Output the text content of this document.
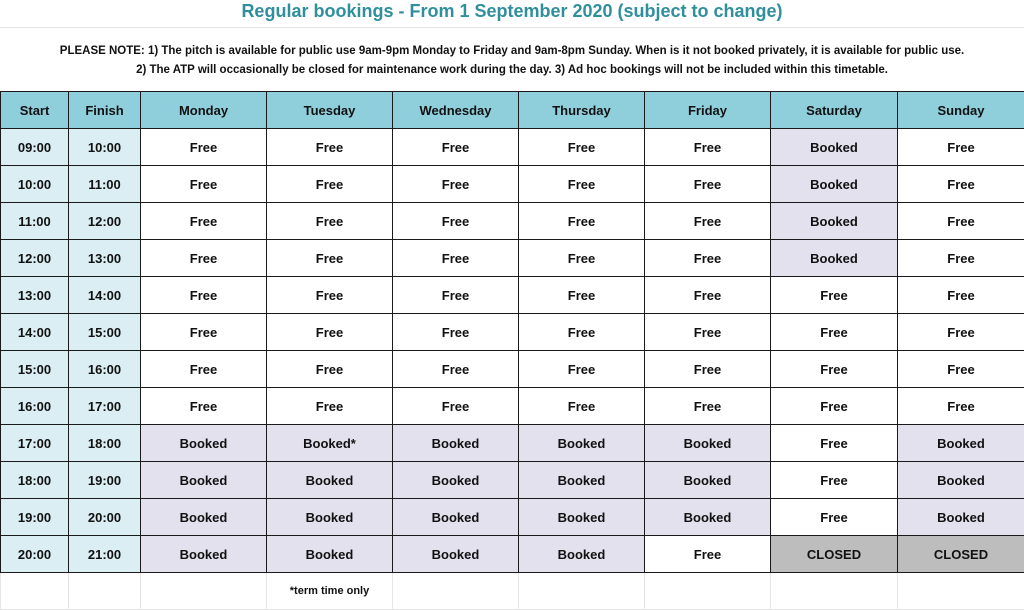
Regular bookings - From 1 September 2020 (subject to change)
PLEASE NOTE: 1) The pitch is available for public use 9am-9pm Monday to Friday and 9am-8pm Sunday. When is it not booked privately, it is available for public use.
2) The ATP will occasionally be closed for maintenance work during the day. 3) Ad hoc bookings will not be included within this timetable.
Start	Finish	Monday	Tuesday	Wednesday	Thursday	Friday	Saturday	Sunday
09:00	10:00	Free	Free	Free	Free	Free	Booked	Free
10:00	11:00	Free	Free	Free	Free	Free	Booked	Free
11:00	12:00	Free	Free	Free	Free	Free	Booked	Free
12:00	13:00	Free	Free	Free	Free	Free	Booked	Free
13:00	14:00	Free	Free	Free	Free	Free	Free	Free
14:00	15:00	Free	Free	Free	Free	Free	Free	Free
15:00	16:00	Free	Free	Free	Free	Free	Free	Free
16:00	17:00	Free	Free	Free	Free	Free	Free	Free
17:00	18:00	Booked	Booked*	Booked	Booked	Booked	Free	Booked
18:00	19:00	Booked	Booked	Booked	Booked	Booked	Free	Booked
19:00	20:00	Booked	Booked	Booked	Booked	Booked	Free	Booked
20:00	21:00	Booked	Booked	Booked	Booked	Free	CLOSED	CLOSED
			*term time only					
